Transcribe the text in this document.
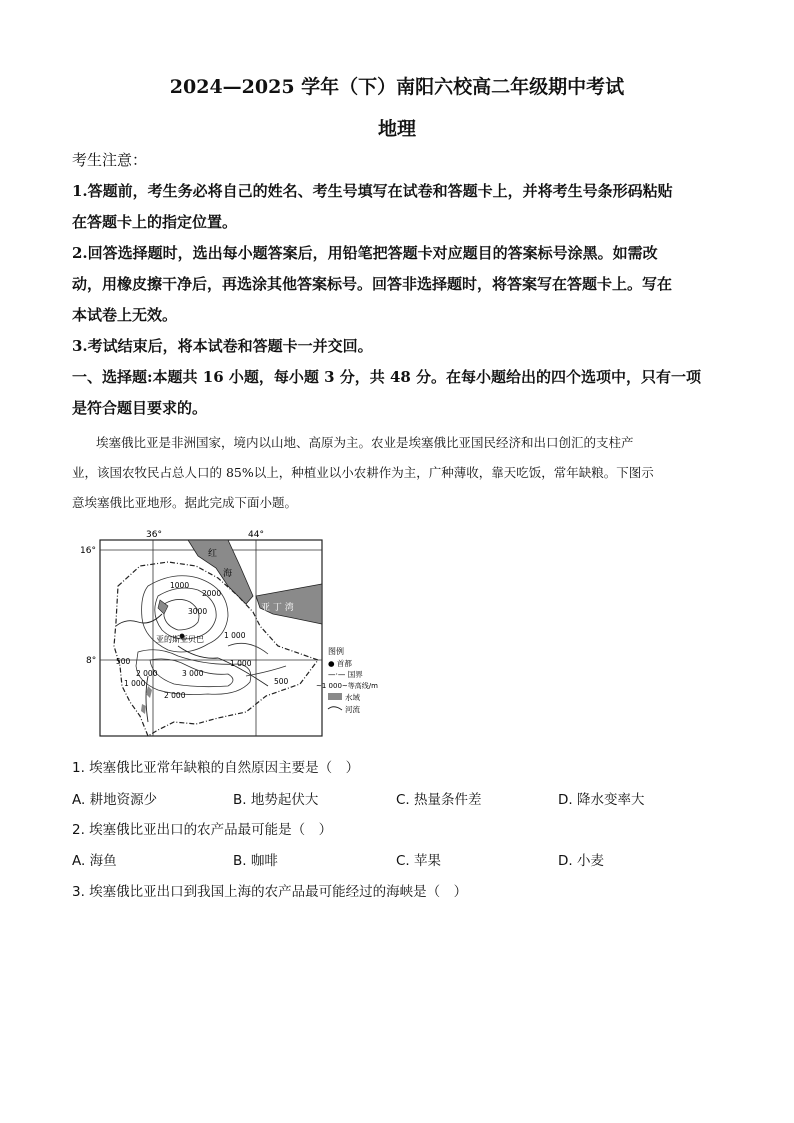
2024—2025 学年（下）南阳六校高二年级期中考试
地理
考生注意：
1.答题前，考生务必将自己的姓名、考生号填写在试卷和答题卡上，并将考生号条形码粘贴
在答题卡上的指定位置。
2.回答选择题时，选出每小题答案后，用铅笔把答题卡对应题目的答案标号涂黑。如需改
动，用橡皮擦干净后，再选涂其他答案标号。回答非选择题时，将答案写在答题卡上。写在
本试卷上无效。
3.考试结束后，将本试卷和答题卡一并交回。
一、选择题:本题共 16 小题，每小题 3 分，共 48 分。在每小题给出的四个选项中，只有一项
是符合题目要求的。
埃塞俄比亚是非洲国家，境内以山地、高原为主。农业是埃塞俄比亚国民经济和出口创汇的支柱产
业，该国农牧民占总人口的 85%以上，种植业以小农耕作为主，广种薄收，靠天吃饭，常年缺粮。下图示
意埃塞俄比亚地形。据此完成下面小题。
36°	44°
16°
8°
红
海
亚 丁 湾
亚的斯亚贝巴
1000
2000
3000
500
1 000
2 000	3 000
1 000
500
2 000
1 000
图例
● 首都
—·— 国界
~1 000~等高线/m
水域
河流
1. 埃塞俄比亚常年缺粮的自然原因主要是（　）
A. 耕地资源少	B. 地势起伏大	C. 热量条件差	D. 降水变率大
2. 埃塞俄比亚出口的农产品最可能是（　）
A. 海鱼	B. 咖啡	C. 苹果	D. 小麦
3. 埃塞俄比亚出口到我国上海的农产品最可能经过的海峡是（　）
